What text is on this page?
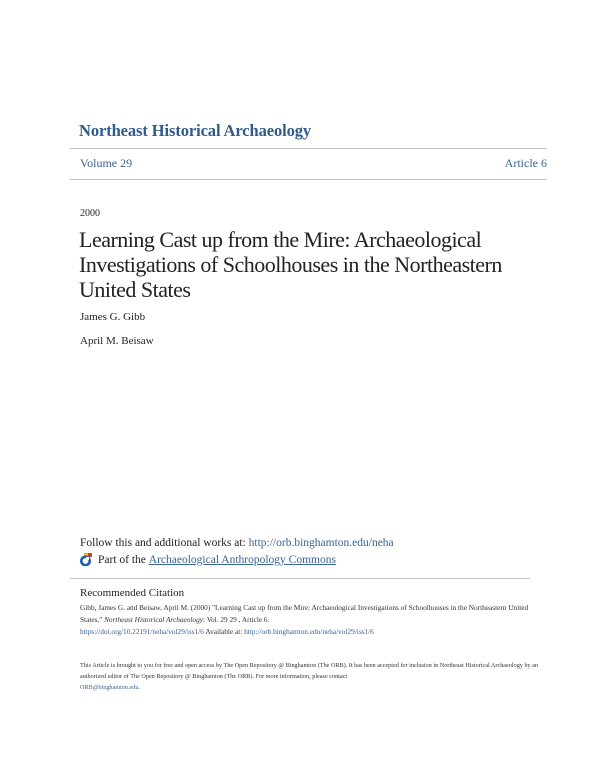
Northeast Historical Archaeology
Volume 29	Article 6
2000
Learning Cast up from the Mire: Archaeological Investigations of Schoolhouses in the Northeastern United States
James G. Gibb
April M. Beisaw
Follow this and additional works at: http://orb.binghamton.edu/neha
Part of the
Archaeological Anthropology Commons
Recommended Citation
Gibb, James G. and Beisaw, April M. (2000) "Learning Cast up from the Mire: Archaeological Investigations of Schoolhouses in the Northeastern United States," Northeast Historical Archaeology: Vol. 29 29 , Article 6.
https://doi.org/10.22191/neha/vol29/iss1/6 Available at: http://orb.binghamton.edu/neha/vol29/iss1/6
This Article is brought to you for free and open access by The Open Repository @ Binghamton (The ORB). It has been accepted for inclusion in Northeast Historical Archaeology by an authorized editor of The Open Repository @ Binghamton (The ORB). For more information, please contact
ORB@binghamton.edu.
